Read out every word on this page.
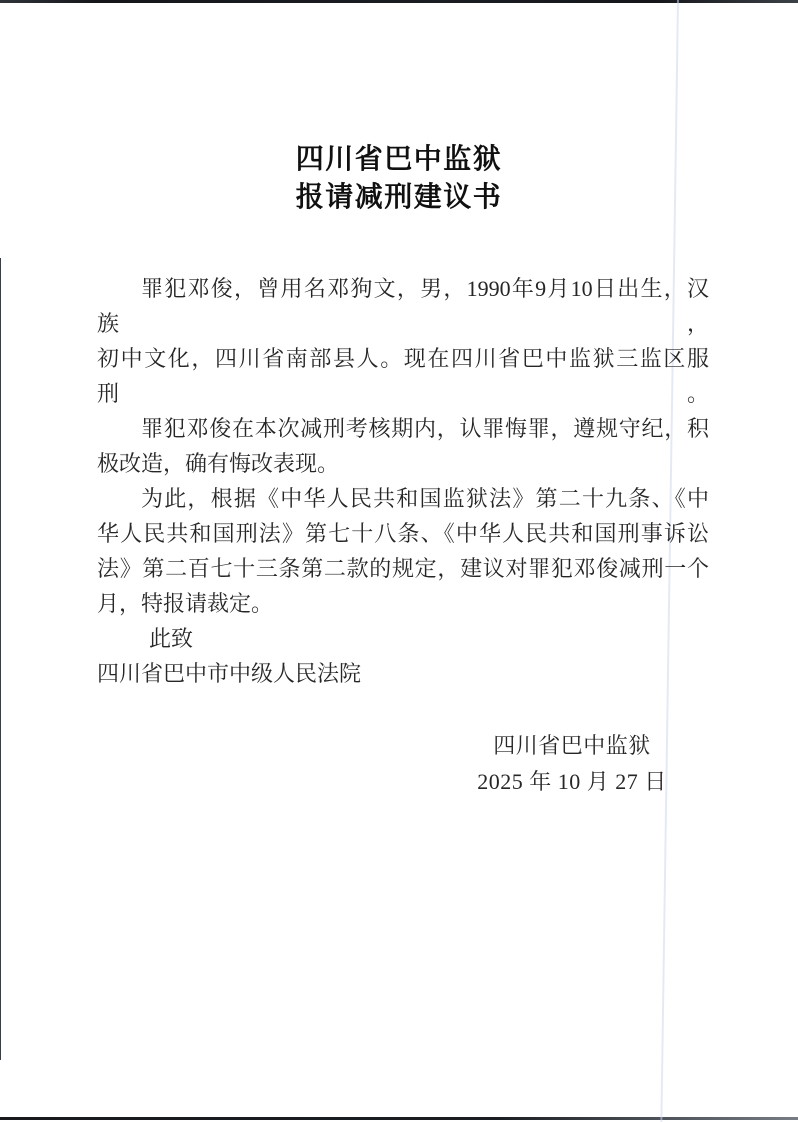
四川省巴中监狱
报请减刑建议书
罪犯邓俊，曾用名邓狗文，男，1990年9月10日出生，汉族，
初中文化，四川省南部县人。现在四川省巴中监狱三监区服刑。
罪犯邓俊在本次减刑考核期内，认罪悔罪，遵规守纪，积
极改造，确有悔改表现。
为此，根据《中华人民共和国监狱法》第二十九条、《中
华人民共和国刑法》第七十八条、《中华人民共和国刑事诉讼
法》第二百七十三条第二款的规定，建议对罪犯邓俊减刑一个
月，特报请裁定。
此致
四川省巴中市中级人民法院
四川省巴中监狱
2025 年 10 月 27 日
